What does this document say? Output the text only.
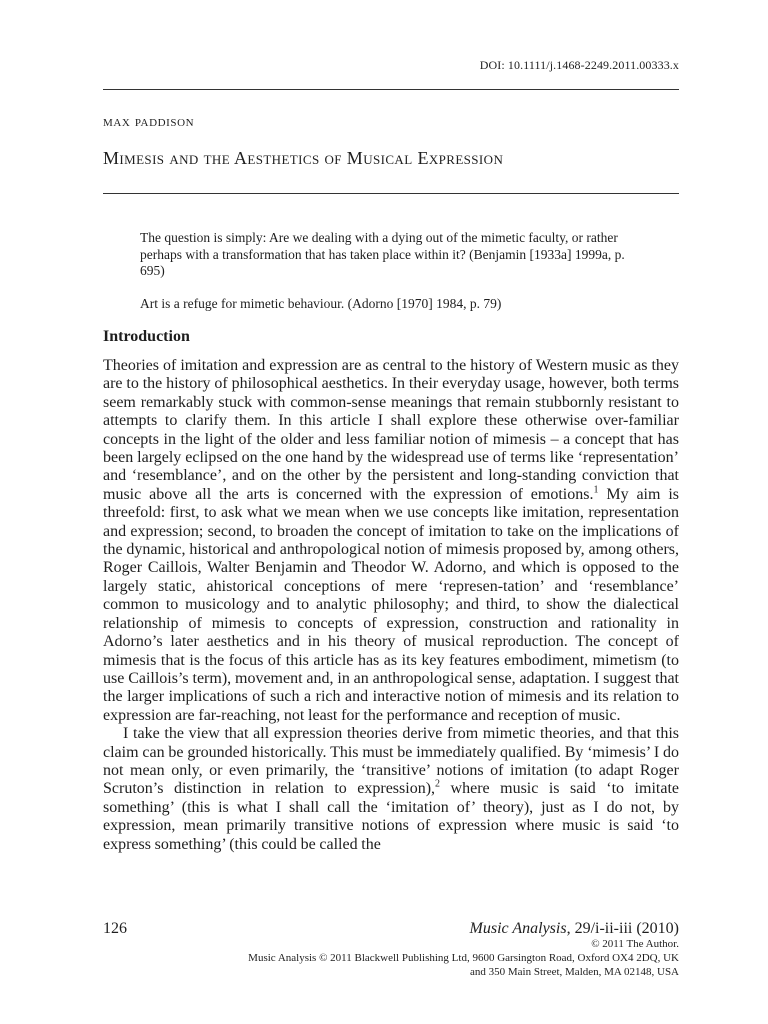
DOI: 10.1111/j.1468-2249.2011.00333.x
max paddison
Mimesis and the Aesthetics of Musical Expression

The question is simply: Are we dealing with a dying out of the mimetic faculty, or rather perhaps with a transformation that has taken place within it? (Benjamin [1933a] 1999a, p. 695)

Art is a refuge for mimetic behaviour. (Adorno [1970] 1984, p. 79)

Introduction

Theories of imitation and expression are as central to the history of Western music as they are to the history of philosophical aesthetics. In their everyday usage, however, both terms seem remarkably stuck with common-sense meanings that remain stubbornly resistant to attempts to clarify them. In this article I shall explore these otherwise over-familiar concepts in the light of the older and less familiar notion of mimesis – a concept that has been largely eclipsed on the one hand by the widespread use of terms like ‘representation’ and ‘resemblance’, and on the other by the persistent and long-standing conviction that music above all the arts is concerned with the expression of emotions.$^1$ My aim is threefold: first, to ask what we mean when we use concepts like imitation, representation and expression; second, to broaden the concept of imitation to take on the implications of the dynamic, historical and anthropological notion of mimesis proposed by, among others, Roger Caillois, Walter Benjamin and Theodor W. Adorno, and which is opposed to the largely static, ahistorical conceptions of mere ‘represen-tation’ and ‘resemblance’ common to musicology and to analytic philosophy; and third, to show the dialectical relationship of mimesis to concepts of expression, construction and rationality in Adorno’s later aesthetics and in his theory of musical reproduction. The concept of mimesis that is the focus of this article has as its key features embodiment, mimetism (to use Caillois’s term), movement and, in an anthropological sense, adaptation. I suggest that the larger implications of such a rich and interactive notion of mimesis and its relation to expression are far-reaching, not least for the performance and reception of music.

I take the view that all expression theories derive from mimetic theories, and that this claim can be grounded historically. This must be immediately qualified. By ‘mimesis’ I do not mean only, or even primarily, the ‘transitive’ notions of imitation (to adapt Roger Scruton’s distinction in relation to expression),$^2$ where music is said ‘to imitate something’ (this is what I shall call the ‘imitation of’ theory), just as I do not, by expression, mean primarily transitive notions of expression where music is said ‘to express something’ (this could be called the

126	Music Analysis, 29/i-ii-iii (2010)
© 2011 The Author.
Music Analysis © 2011 Blackwell Publishing Ltd, 9600 Garsington Road, Oxford OX4 2DQ, UK
and 350 Main Street, Malden, MA 02148, USA
